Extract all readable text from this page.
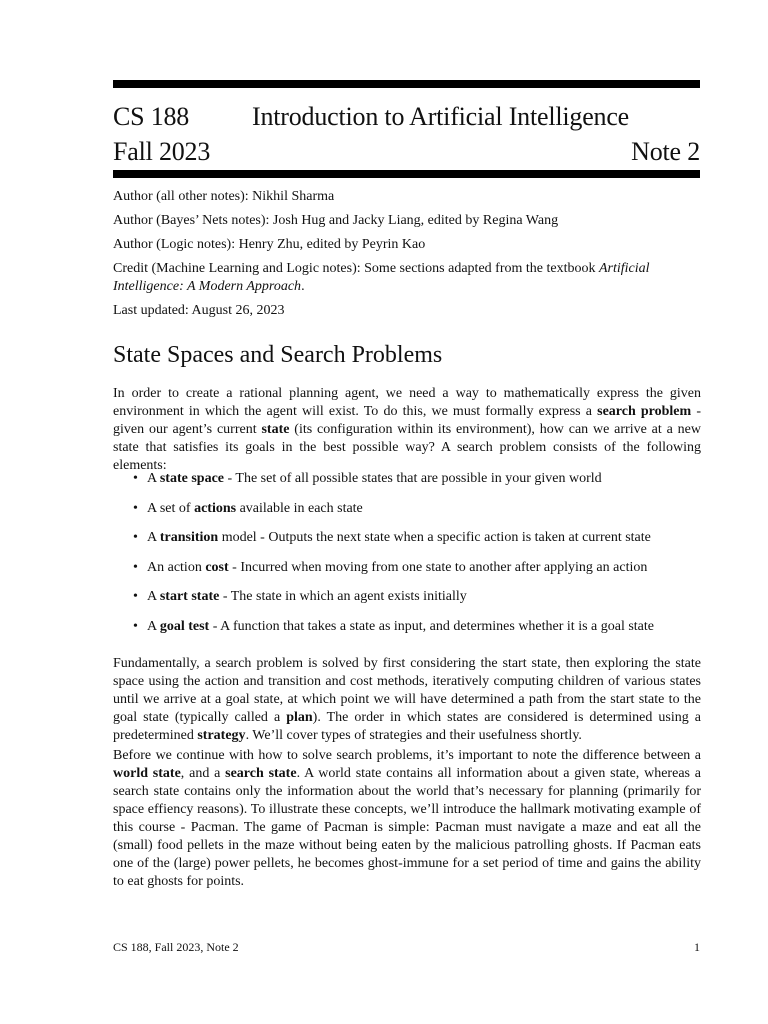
CS 188 Introduction to Artificial Intelligence
Fall 2023	Note 2

Author (all other notes): Nikhil Sharma

Author (Bayes’ Nets notes): Josh Hug and Jacky Liang, edited by Regina Wang

Author (Logic notes): Henry Zhu, edited by Peyrin Kao

Credit (Machine Learning and Logic notes): Some sections adapted from the textbook Artificial Intelligence: A Modern Approach.

Last updated: August 26, 2023

State Spaces and Search Problems

In order to create a rational planning agent, we need a way to mathematically express the given environment in which the agent will exist. To do this, we must formally express a search problem - given our agent’s current state (its configuration within its environment), how can we arrive at a new state that satisfies its goals in the best possible way? A search problem consists of the following elements:

• A state space - The set of all possible states that are possible in your given world
• A set of actions available in each state
• A transition model - Outputs the next state when a specific action is taken at current state
• An action cost - Incurred when moving from one state to another after applying an action
• A start state - The state in which an agent exists initially
• A goal test - A function that takes a state as input, and determines whether it is a goal state

Fundamentally, a search problem is solved by first considering the start state, then exploring the state space using the action and transition and cost methods, iteratively computing children of various states until we arrive at a goal state, at which point we will have determined a path from the start state to the goal state (typically called a plan). The order in which states are considered is determined using a predetermined strategy. We’ll cover types of strategies and their usefulness shortly.

Before we continue with how to solve search problems, it’s important to note the difference between a world state, and a search state. A world state contains all information about a given state, whereas a search state contains only the information about the world that’s necessary for planning (primarily for space effiency reasons). To illustrate these concepts, we’ll introduce the hallmark motivating example of this course - Pacman. The game of Pacman is simple: Pacman must navigate a maze and eat all the (small) food pellets in the maze without being eaten by the malicious patrolling ghosts. If Pacman eats one of the (large) power pellets, he becomes ghost-immune for a set period of time and gains the ability to eat ghosts for points.

CS 188, Fall 2023, Note 2	1
